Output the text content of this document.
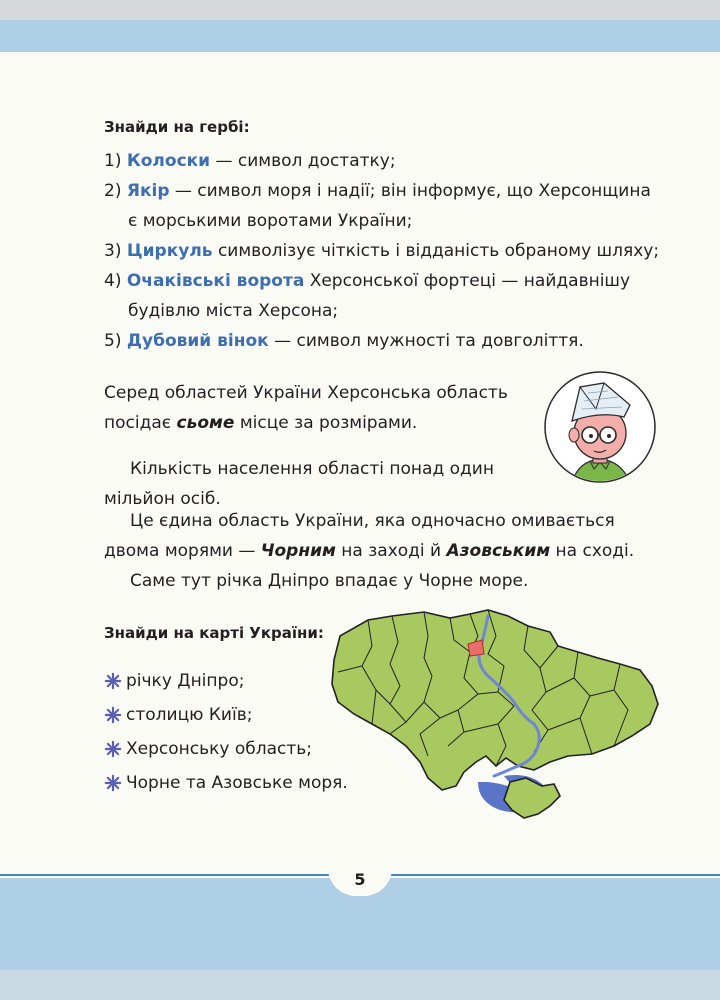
Знайди на гербі:
1) Колоски — символ достатку;
2) Якір — символ моря і надії; він інформує, що Херсонщина
є морськими воротами України;
3) Циркуль символізує чіткість і відданість обраному шляху;
4) Очаківські ворота Херсонської фортеці — найдавнішу
будівлю міста Херсона;
5) Дубовий вінок — символ мужності та довголіття.
Серед областей України Херсонська область
посідає сьоме місце за розмірами.
Кількість населення області понад один
мільйон осіб.
Це єдина область України, яка одночасно омивається
двома морями — Чорним на заході й Азовським на сході.
Саме тут річка Дніпро впадає у Чорне море.
Знайди на карті України:
річку Дніпро;
столицю Київ;
Херсонську область;
Чорне та Азовське моря.
5
